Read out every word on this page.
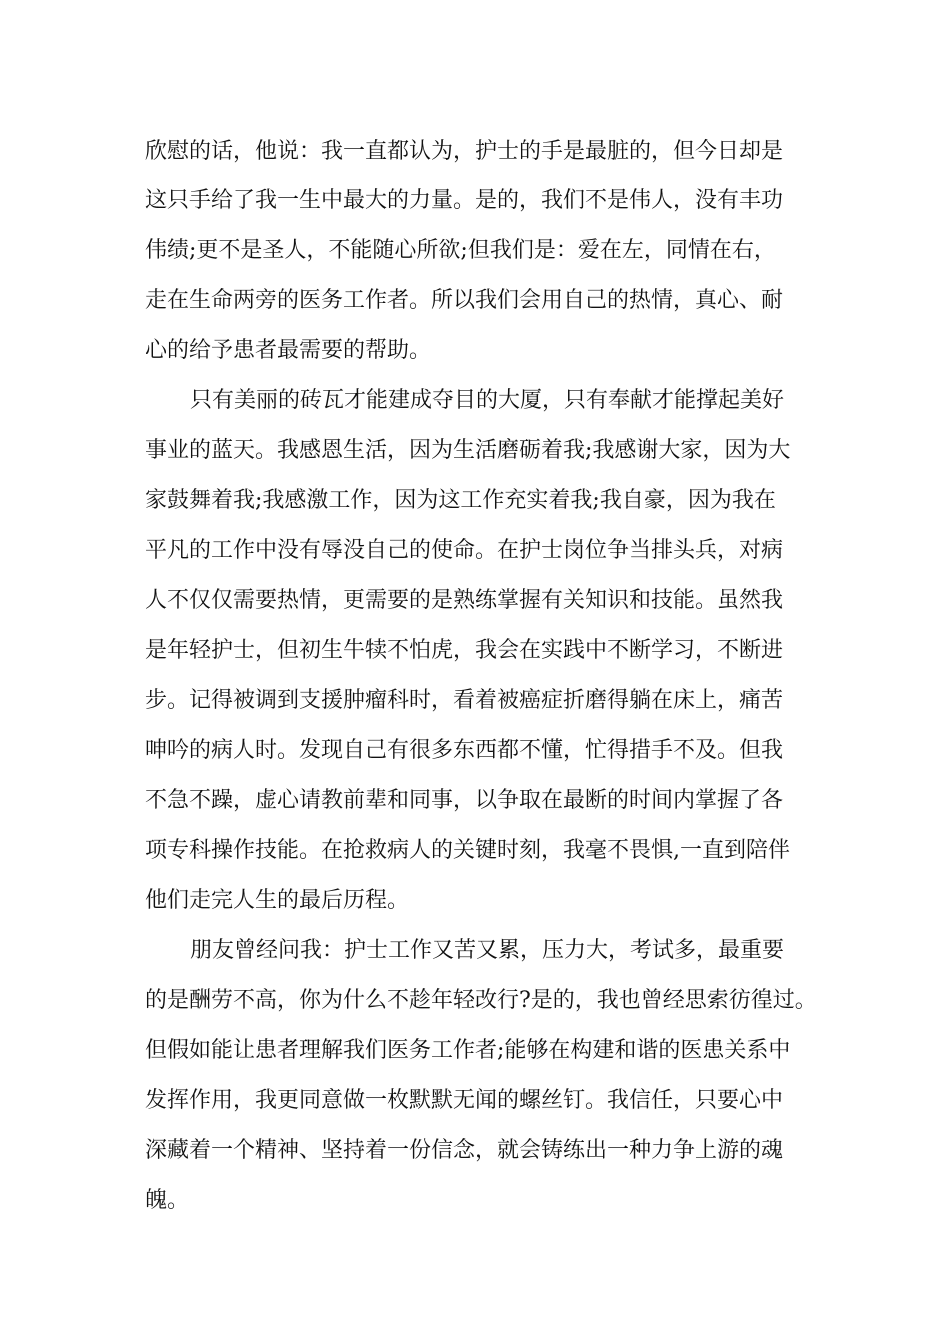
欣慰的话，他说：我一直都认为，护士的手是最脏的，但今日却是

这只手给了我一生中最大的力量。是的，我们不是伟人，没有丰功

伟绩;更不是圣人，不能随心所欲;但我们是：爱在左，同情在右，

走在生命两旁的医务工作者。所以我们会用自己的热情，真心、耐

心的给予患者最需要的帮助。

只有美丽的砖瓦才能建成夺目的大厦，只有奉献才能撑起美好

事业的蓝天。我感恩生活，因为生活磨砺着我;我感谢大家，因为大

家鼓舞着我;我感激工作，因为这工作充实着我;我自豪，因为我在

平凡的工作中没有辱没自己的使命。在护士岗位争当排头兵，对病

人不仅仅需要热情，更需要的是熟练掌握有关知识和技能。虽然我

是年轻护士，但初生牛犊不怕虎，我会在实践中不断学习，不断进

步。记得被调到支援肿瘤科时，看着被癌症折磨得躺在床上，痛苦

呻吟的病人时。发现自己有很多东西都不懂，忙得措手不及。但我

不急不躁，虚心请教前辈和同事，以争取在最断的时间内掌握了各

项专科操作技能。在抢救病人的关键时刻，我毫不畏惧,一直到陪伴

他们走完人生的最后历程。

朋友曾经问我：护士工作又苦又累，压力大，考试多，最重要

的是酬劳不高，你为什么不趁年轻改行?是的，我也曾经思索彷徨过。

但假如能让患者理解我们医务工作者;能够在构建和谐的医患关系中

发挥作用，我更同意做一枚默默无闻的螺丝钉。我信任，只要心中

深藏着一个精神、坚持着一份信念，就会铸练出一种力争上游的魂

魄。
